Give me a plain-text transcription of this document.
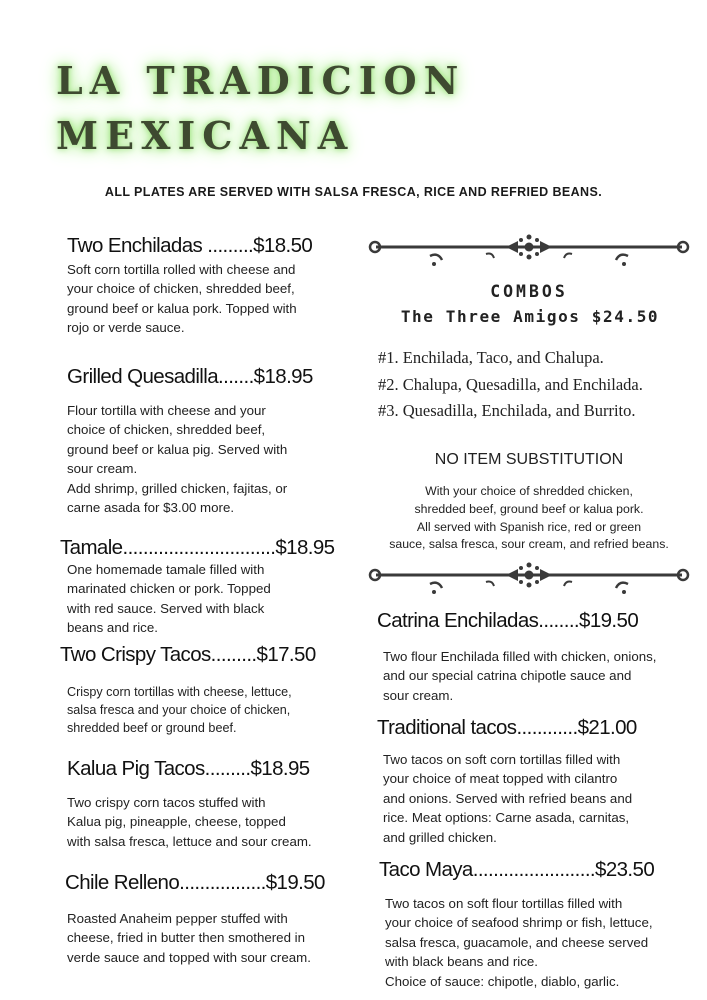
LA TRADICION
MEXICANA
ALL PLATES ARE SERVED WITH SALSA FRESCA, RICE AND REFRIED BEANS.
Two Enchiladas .........$18.50

Soft corn tortilla rolled with cheese and
your choice of chicken, shredded beef,
ground beef or kalua pork. Topped with
rojo or verde sauce.

Grilled Quesadilla.......$18.95

Flour tortilla with cheese and your
choice of chicken, shredded beef,
ground beef or kalua pig. Served with
sour cream.
Add shrimp, grilled chicken, fajitas, or
carne asada for $3.00 more.

Tamale..............................$18.95

One homemade tamale filled with
marinated chicken or pork. Topped
with red sauce. Served with black
beans and rice.

Two Crispy Tacos.........$17.50

Crispy corn tortillas with cheese, lettuce,
salsa fresca and your choice of chicken,
shredded beef or ground beef.

Kalua Pig Tacos.........$18.95

Two crispy corn tacos stuffed with
Kalua pig, pineapple, cheese, topped
with salsa fresca, lettuce and sour cream.

Chile Relleno.................$19.50

Roasted Anaheim pepper stuffed with
cheese, fried in butter then smothered in
verde sauce and topped with sour cream.

COMBOS
The Three Amigos $24.50
#1. Enchilada, Taco, and Chalupa.
#2. Chalupa, Quesadilla, and Enchilada.
#3. Quesadilla, Enchilada, and Burrito.
NO ITEM SUBSTITUTION
With your choice of shredded chicken,
shredded beef, ground beef or kalua pork.
All served with Spanish rice, red or green
sauce, salsa fresca, sour cream, and refried beans.
Catrina Enchiladas........$19.50

Two flour Enchilada filled with chicken, onions,
and our special catrina chipotle sauce and
sour cream.

Traditional tacos............$21.00

Two tacos on soft corn tortillas filled with
your choice of meat topped with cilantro
and onions. Served with refried beans and
rice. Meat options: Carne asada, carnitas,
and grilled chicken.

Taco Maya........................$23.50

Two tacos on soft flour tortillas filled with
your choice of seafood shrimp or fish, lettuce,
salsa fresca, guacamole, and cheese served
with black beans and rice.
Choice of sauce: chipotle, diablo, garlic.
